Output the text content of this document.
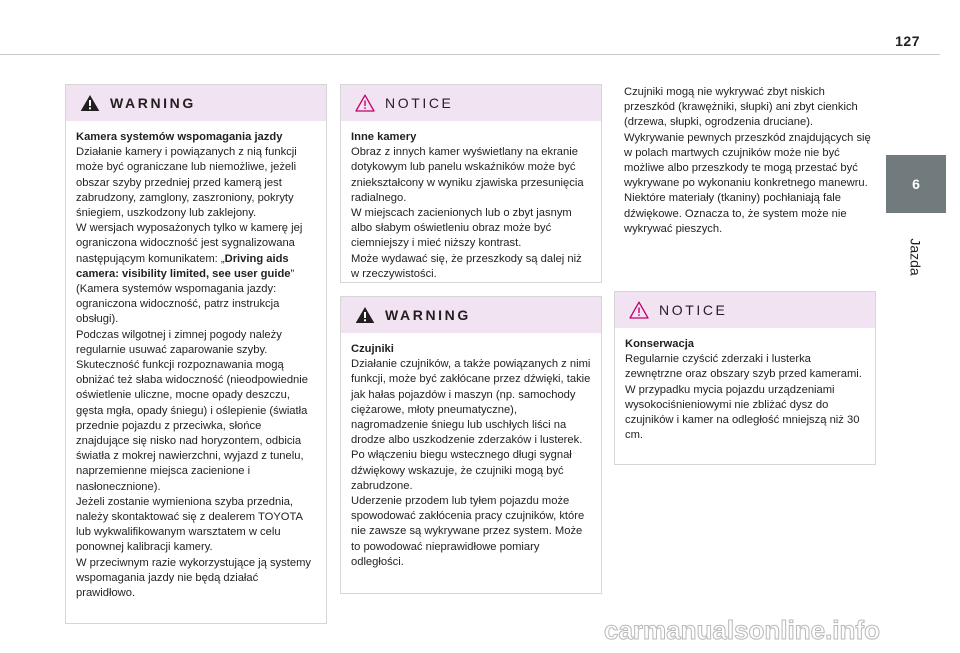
127
6
Jazda
WARNING
Kamera systemów wspomagania jazdy
Działanie kamery i powiązanych z nią funkcji może być ograniczane lub niemożliwe, jeżeli obszar szyby przedniej przed kamerą jest zabrudzony, zamglony, zaszroniony, pokryty śniegiem, uszkodzony lub zaklejony.
W wersjach wyposażonych tylko w kamerę jej ograniczona widoczność jest sygnalizowana następującym komunikatem: „Driving aids camera: visibility limited, see user guide”
(Kamera systemów wspomagania jazdy: ograniczona widoczność, patrz instrukcja obsługi).
Podczas wilgotnej i zimnej pogody należy regularnie usuwać zaparowanie szyby.
Skuteczność funkcji rozpoznawania mogą obniżać też słaba widoczność (nieodpowiednie oświetlenie uliczne, mocne opady deszczu, gęsta mgła, opady śniegu) i oślepienie (światła przednie pojazdu z przeciwka, słońce znajdujące się nisko nad horyzontem, odbicia światła z mokrej nawierzchni, wyjazd z tunelu, naprzemienne miejsca zacienione i nasłonecznione).
Jeżeli zostanie wymieniona szyba przednia, należy skontaktować się z dealerem TOYOTA lub wykwalifikowanym warsztatem w celu ponownej kalibracji kamery.
W przeciwnym razie wykorzystujące ją systemy wspomagania jazdy nie będą działać prawidłowo.
NOTICE
Inne kamery
Obraz z innych kamer wyświetlany na ekranie dotykowym lub panelu wskaźników może być zniekształcony w wyniku zjawiska przesunięcia radialnego.
W miejscach zacienionych lub o zbyt jasnym albo słabym oświetleniu obraz może być ciemniejszy i mieć niższy kontrast.
Może wydawać się, że przeszkody są dalej niż w rzeczywistości.
WARNING
Czujniki
Działanie czujników, a także powiązanych z nimi funkcji, może być zakłócane przez dźwięki, takie jak hałas pojazdów i maszyn (np. samochody ciężarowe, młoty pneumatyczne), nagromadzenie śniegu lub uschłych liści na drodze albo uszkodzenie zderzaków i lusterek.
Po włączeniu biegu wstecznego długi sygnał dźwiękowy wskazuje, że czujniki mogą być zabrudzone.
Uderzenie przodem lub tyłem pojazdu może spowodować zakłócenia pracy czujników, które nie zawsze są wykrywane przez system. Może to powodować nieprawidłowe pomiary odległości.
Czujniki mogą nie wykrywać zbyt niskich przeszkód (krawężniki, słupki) ani zbyt cienkich (drzewa, słupki, ogrodzenia druciane).
Wykrywanie pewnych przeszkód znajdujących się w polach martwych czujników może nie być możliwe albo przeszkody te mogą przestać być wykrywane po wykonaniu konkretnego manewru.
Niektóre materiały (tkaniny) pochłaniają fale dźwiękowe. Oznacza to, że system może nie wykrywać pieszych.
NOTICE
Konserwacja
Regularnie czyścić zderzaki i lusterka zewnętrzne oraz obszary szyb przed kamerami.
W przypadku mycia pojazdu urządzeniami wysokociśnieniowymi nie zbliżać dysz do czujników i kamer na odległość mniejszą niż 30 cm.
carmanualsonline.info
